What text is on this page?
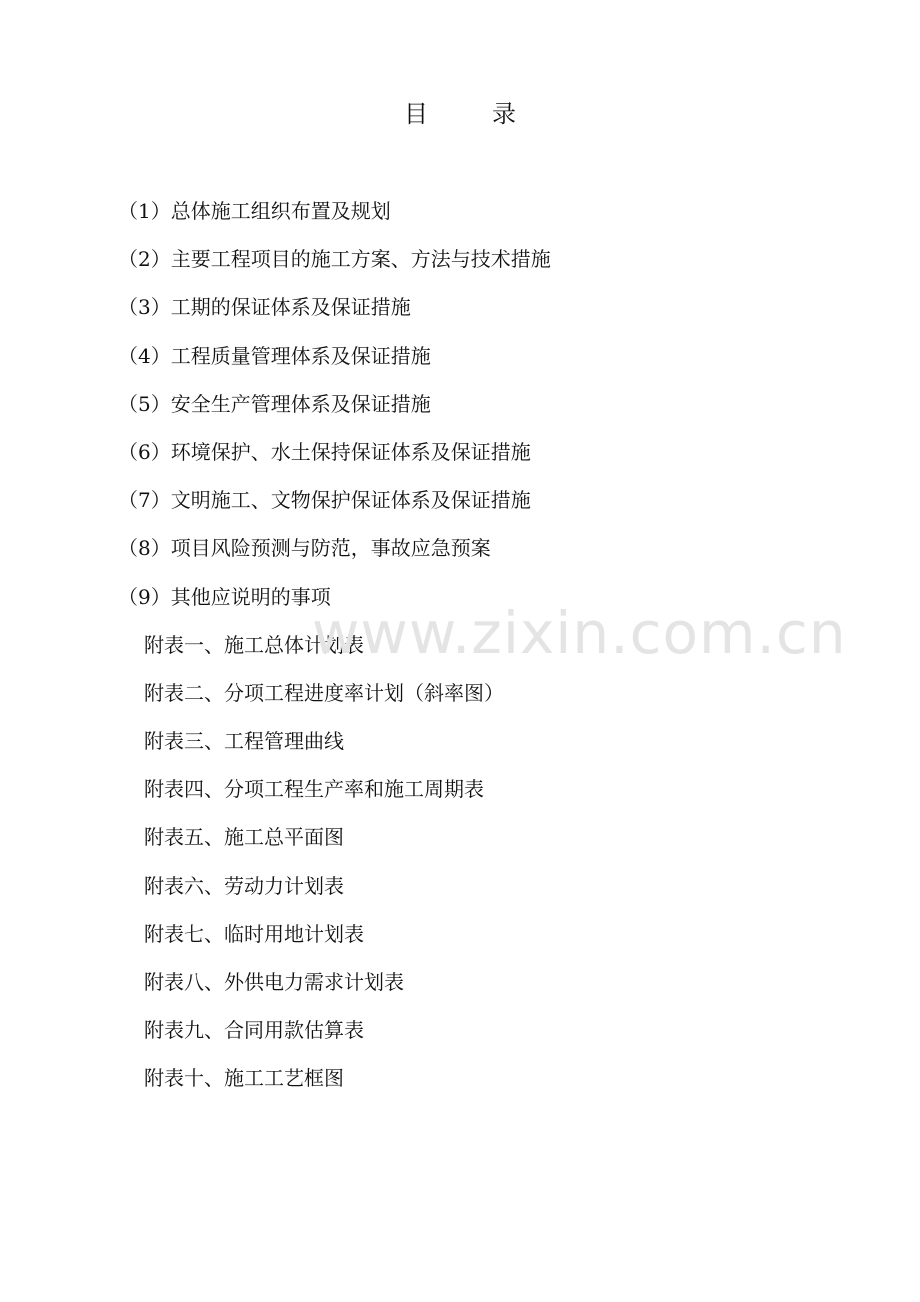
目	录
（1）总体施工组织布置及规划
（2）主要工程项目的施工方案、方法与技术措施
（3）工期的保证体系及保证措施
（4）工程质量管理体系及保证措施
（5）安全生产管理体系及保证措施
（6）环境保护、水土保持保证体系及保证措施
（7）文明施工、文物保护保证体系及保证措施
（8）项目风险预测与防范，事故应急预案
（9）其他应说明的事项
附表一、施工总体计划表
附表二、分项工程进度率计划（斜率图）
附表三、工程管理曲线
附表四、分项工程生产率和施工周期表
附表五、施工总平面图
附表六、劳动力计划表
附表七、临时用地计划表
附表八、外供电力需求计划表
附表九、合同用款估算表
附表十、施工工艺框图
www.zixin.com.cn
